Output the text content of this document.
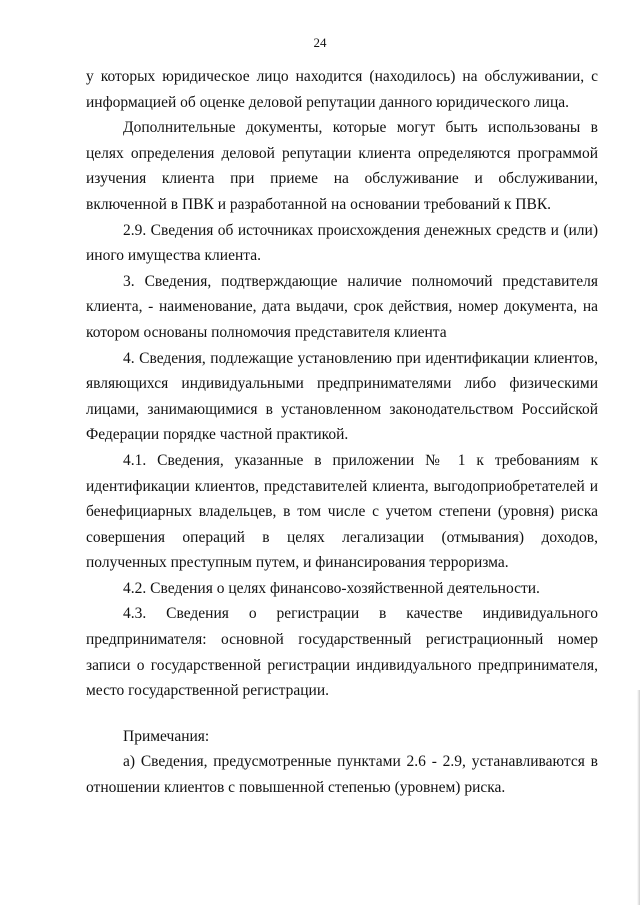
24

у которых юридическое лицо находится (находилось) на обслуживании, с информацией об оценке деловой репутации данного юридического лица.

Дополнительные документы, которые могут быть использованы в целях определения деловой репутации клиента определяются программой изучения клиента при приеме на обслуживание и обслуживании, включенной в ПВК и разработанной на основании требований к ПВК.

2.9. Сведения об источниках происхождения денежных средств и (или) иного имущества клиента.

3. Сведения, подтверждающие наличие полномочий представителя клиента, - наименование, дата выдачи, срок действия, номер документа, на котором основаны полномочия представителя клиента

4. Сведения, подлежащие установлению при идентификации клиентов, являющихся индивидуальными предпринимателями либо физическими лицами, занимающимися в установленном законодательством Российской Федерации порядке частной практикой.

4.1. Сведения, указанные в приложении № 1 к требованиям к идентификации клиентов, представителей клиента, выгодоприобретателей и бенефициарных владельцев, в том числе с учетом степени (уровня) риска совершения операций в целях легализации (отмывания) доходов, полученных преступным путем, и финансирования терроризма.

4.2. Сведения о целях финансово-хозяйственной деятельности.

4.3. Сведения о регистрации в качестве индивидуального предпринимателя: основной государственный регистрационный номер записи о государственной регистрации индивидуального предпринимателя, место государственной регистрации.

Примечания:

а) Сведения, предусмотренные пунктами 2.6 - 2.9, устанавливаются в отношении клиентов с повышенной степенью (уровнем) риска.
